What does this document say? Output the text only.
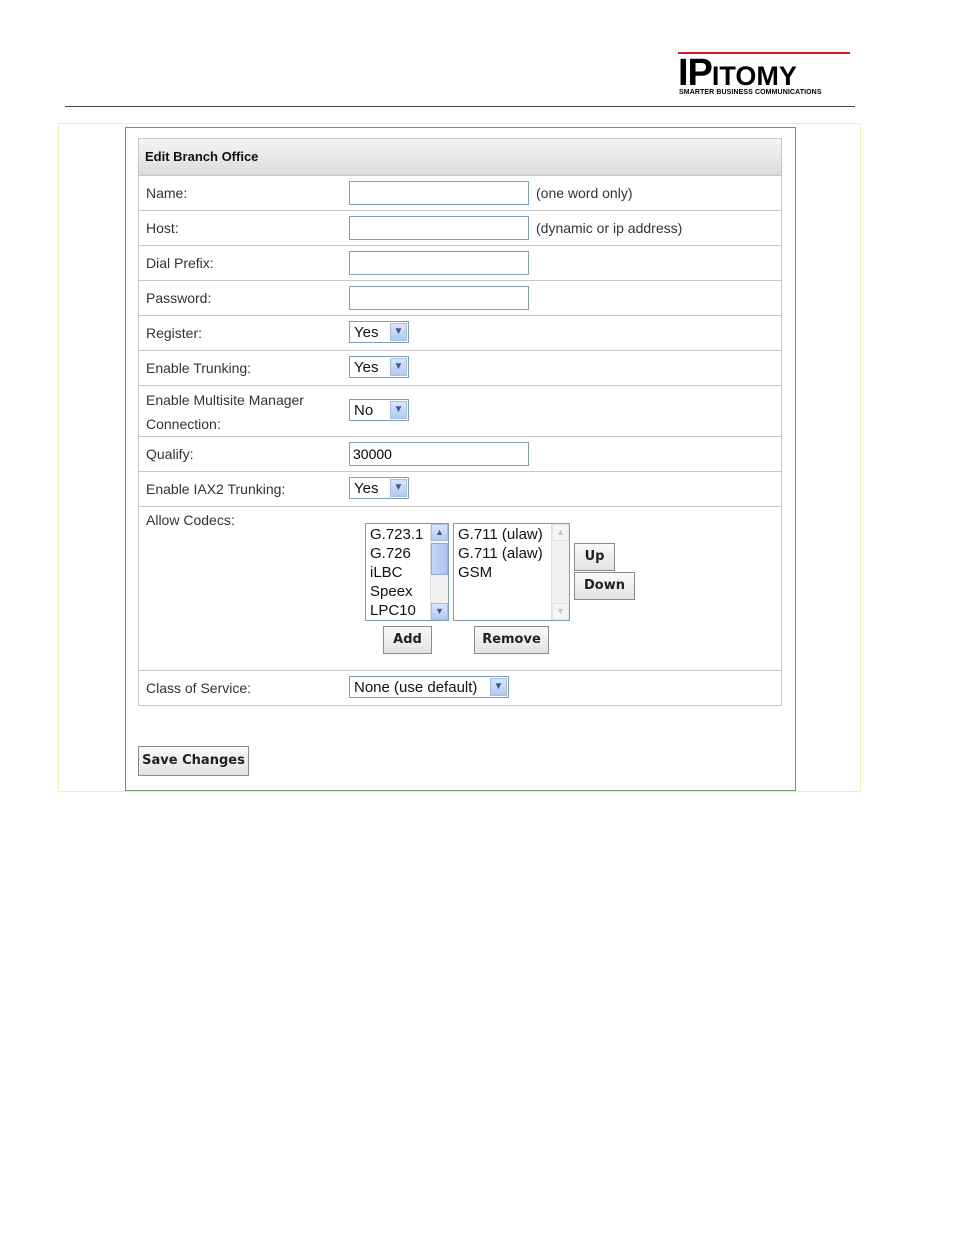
IPITOMY
SMARTER BUSINESS COMMUNICATIONS
Edit Branch Office
Name:	(one word only)
Host:	(dynamic or ip address)
Dial Prefix:
Password:
Register:	Yes	▼
Enable Trunking:	Yes	▼
Enable Multisite Manager
Connection:
No	▼
Qualify:
30000
Enable IAX2 Trunking:	Yes	▼
Allow Codecs:
G.723.1
G.726
iLBC
Speex
LPC10
▲
▼
G.711 (ulaw)
G.711 (alaw)
GSM
▲
▼
Up
Down
Add	Remove
Class of Service:	None (use default)	▼
Save Changes
